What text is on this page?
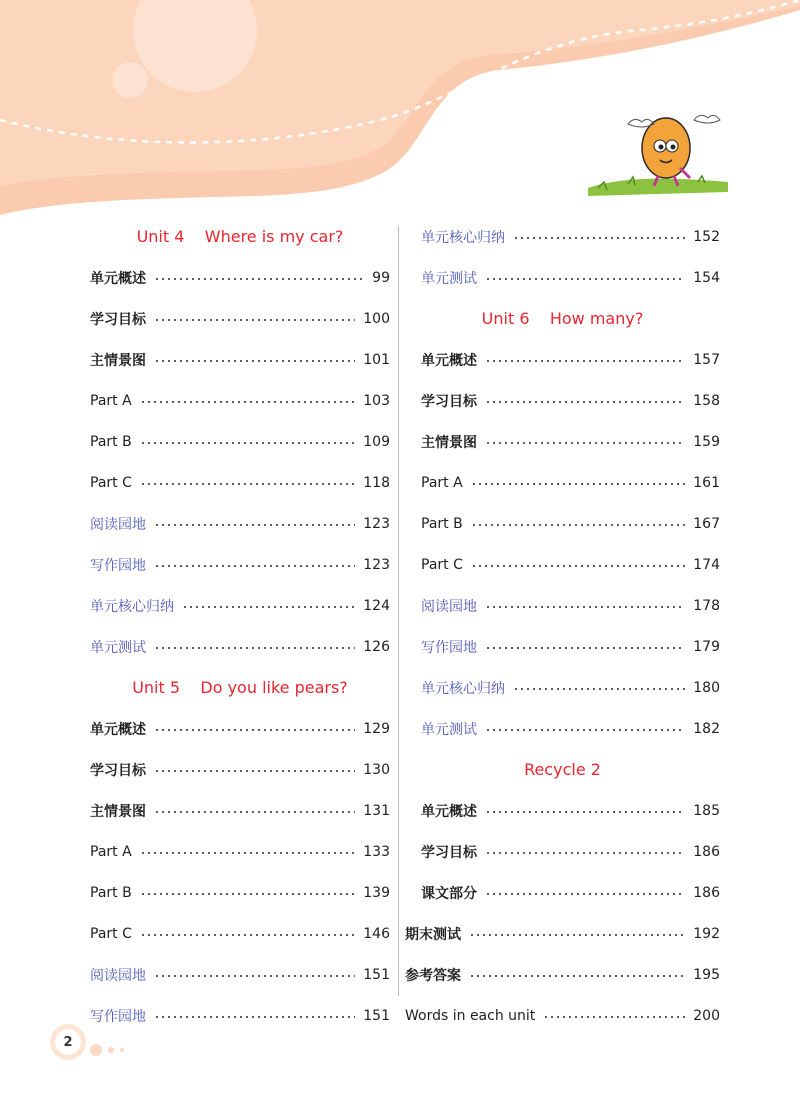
Unit 4    Where is my car?
单元概述	99
学习目标	100
主情景图	101
Part A	103
Part B	109
Part C	118
阅读园地	123
写作园地	123
单元核心归纳	124
单元测试	126
Unit 5    Do you like pears?
单元概述	129
学习目标	130
主情景图	131
Part A	133
Part B	139
Part C	146
阅读园地	151
写作园地	151
单元核心归纳	152
单元测试	154
Unit 6    How many?
单元概述	157
学习目标	158
主情景图	159
Part A	161
Part B	167
Part C	174
阅读园地	178
写作园地	179
单元核心归纳	180
单元测试	182
Recycle 2
单元概述	185
学习目标	186
课文部分	186
期末测试	192
参考答案	195
Words in each unit	200
2
